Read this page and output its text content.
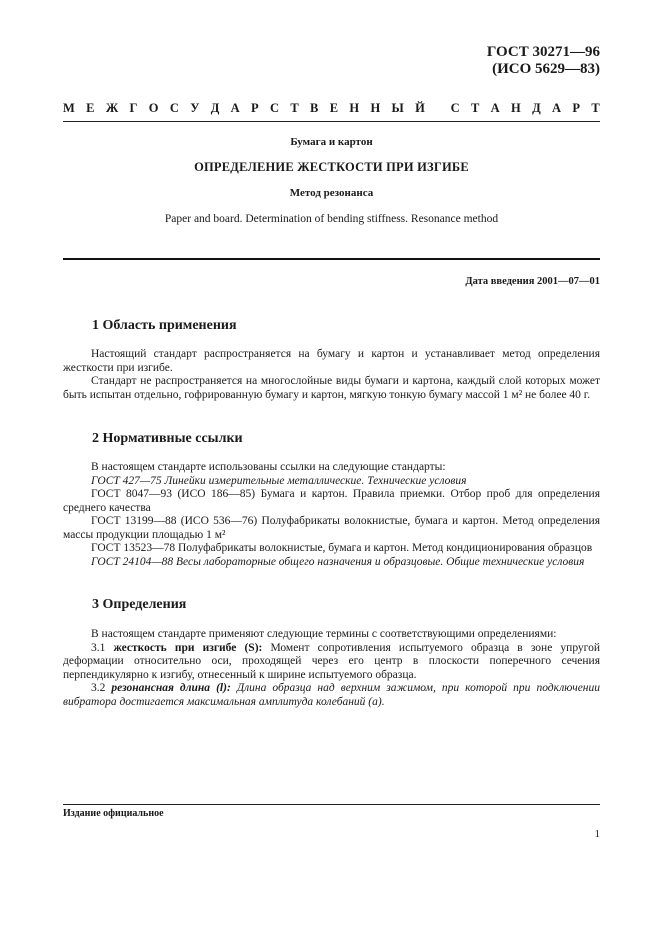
ГОСТ 30271—96
(ИСО 5629—83)
М Е Ж Г О С У Д А Р С Т В Е Н Н Ы Й
С Т А Н Д А Р Т
Бумага и картон
ОПРЕДЕЛЕНИЕ ЖЕСТКОСТИ ПРИ ИЗГИБЕ
Метод резонанса
Paper and board. Determination of bending stiffness. Resonance method
Дата введения 2001—07—01
1 Область применения

Настоящий стандарт распространяется на бумагу и картон и устанавливает метод определения жесткости при изгибе.

Стандарт не распространяется на многослойные виды бумаги и картона, каждый слой которых может быть испытан отдельно, гофрированную бумагу и картон, мягкую тонкую бумагу массой 1 м² не более 40 г.

2 Нормативные ссылки

В настоящем стандарте использованы ссылки на следующие стандарты:

ГОСТ 427—75 Линейки измерительные металлические. Технические условия

ГОСТ 8047—93 (ИСО 186—85) Бумага и картон. Правила приемки. Отбор проб для определения среднего качества

ГОСТ 13199—88 (ИСО 536—76) Полуфабрикаты волокнистые, бумага и картон. Метод определения массы продукции площадью 1 м²

ГОСТ 13523—78 Полуфабрикаты волокнистые, бумага и картон. Метод кондиционирования образцов

ГОСТ 24104—88 Весы лабораторные общего назначения и образцовые. Общие технические условия

3 Определения

В настоящем стандарте применяют следующие термины с соответствующими определениями:

3.1 жесткость при изгибе (S): Момент сопротивления испытуемого образца в зоне упругой деформации относительно оси, проходящей через его центр в плоскости поперечного сечения перпендикулярно к изгибу, отнесенный к ширине испытуемого образца.

3.2 резонансная длина (l): Длина образца над верхним зажимом, при которой при подключении вибратора достигается максимальная амплитуда колебаний (a).

Издание официальное
1
